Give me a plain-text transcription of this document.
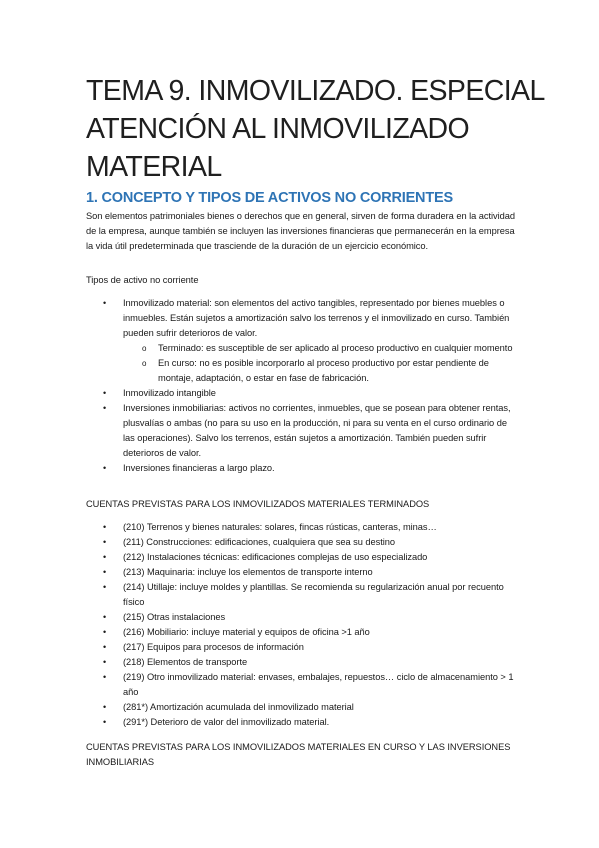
TEMA 9. INMOVILIZADO. ESPECIAL ATENCIÓN AL INMOVILIZADO MATERIAL
1. CONCEPTO Y TIPOS DE ACTIVOS NO CORRIENTES

Son elementos patrimoniales bienes o derechos que en general, sirven de forma duradera en la actividad de la empresa, aunque también se incluyen las inversiones financieras que permanecerán en la empresa la vida útil predeterminada que trasciende de la duración de un ejercicio económico.

Tipos de activo no corriente

• Inmovilizado material: son elementos del activo tangibles, representado por bienes muebles o inmuebles. Están sujetos a amortización salvo los terrenos y el inmovilizado en curso. También pueden sufrir deterioros de valor.
o Terminado: es susceptible de ser aplicado al proceso productivo en cualquier momento
o En curso: no es posible incorporarlo al proceso productivo por estar pendiente de montaje, adaptación, o estar en fase de fabricación.
• Inmovilizado intangible
• Inversiones inmobiliarias: activos no corrientes, inmuebles, que se posean para obtener rentas, plusvalías o ambas (no para su uso en la producción, ni para su venta en el curso ordinario de las operaciones). Salvo los terrenos, están sujetos a amortización. También pueden sufrir deterioros de valor.
• Inversiones financieras a largo plazo.

CUENTAS PREVISTAS PARA LOS INMOVILIZADOS MATERIALES TERMINADOS

• (210) Terrenos y bienes naturales: solares, fincas rústicas, canteras, minas…
• (211) Construcciones: edificaciones, cualquiera que sea su destino
• (212) Instalaciones técnicas: edificaciones complejas de uso especializado
• (213) Maquinaria: incluye los elementos de transporte interno
• (214) Utillaje: incluye moldes y plantillas. Se recomienda su regularización anual por recuento físico
• (215) Otras instalaciones
• (216) Mobiliario: incluye material y equipos de oficina >1 año
• (217) Equipos para procesos de información
• (218) Elementos de transporte
• (219) Otro inmovilizado material: envases, embalajes, repuestos… ciclo de almacenamiento > 1 año
• (281*) Amortización acumulada del inmovilizado material
• (291*) Deterioro de valor del inmovilizado material.

CUENTAS PREVISTAS PARA LOS INMOVILIZADOS MATERIALES EN CURSO Y LAS INVERSIONES INMOBILIARIAS
